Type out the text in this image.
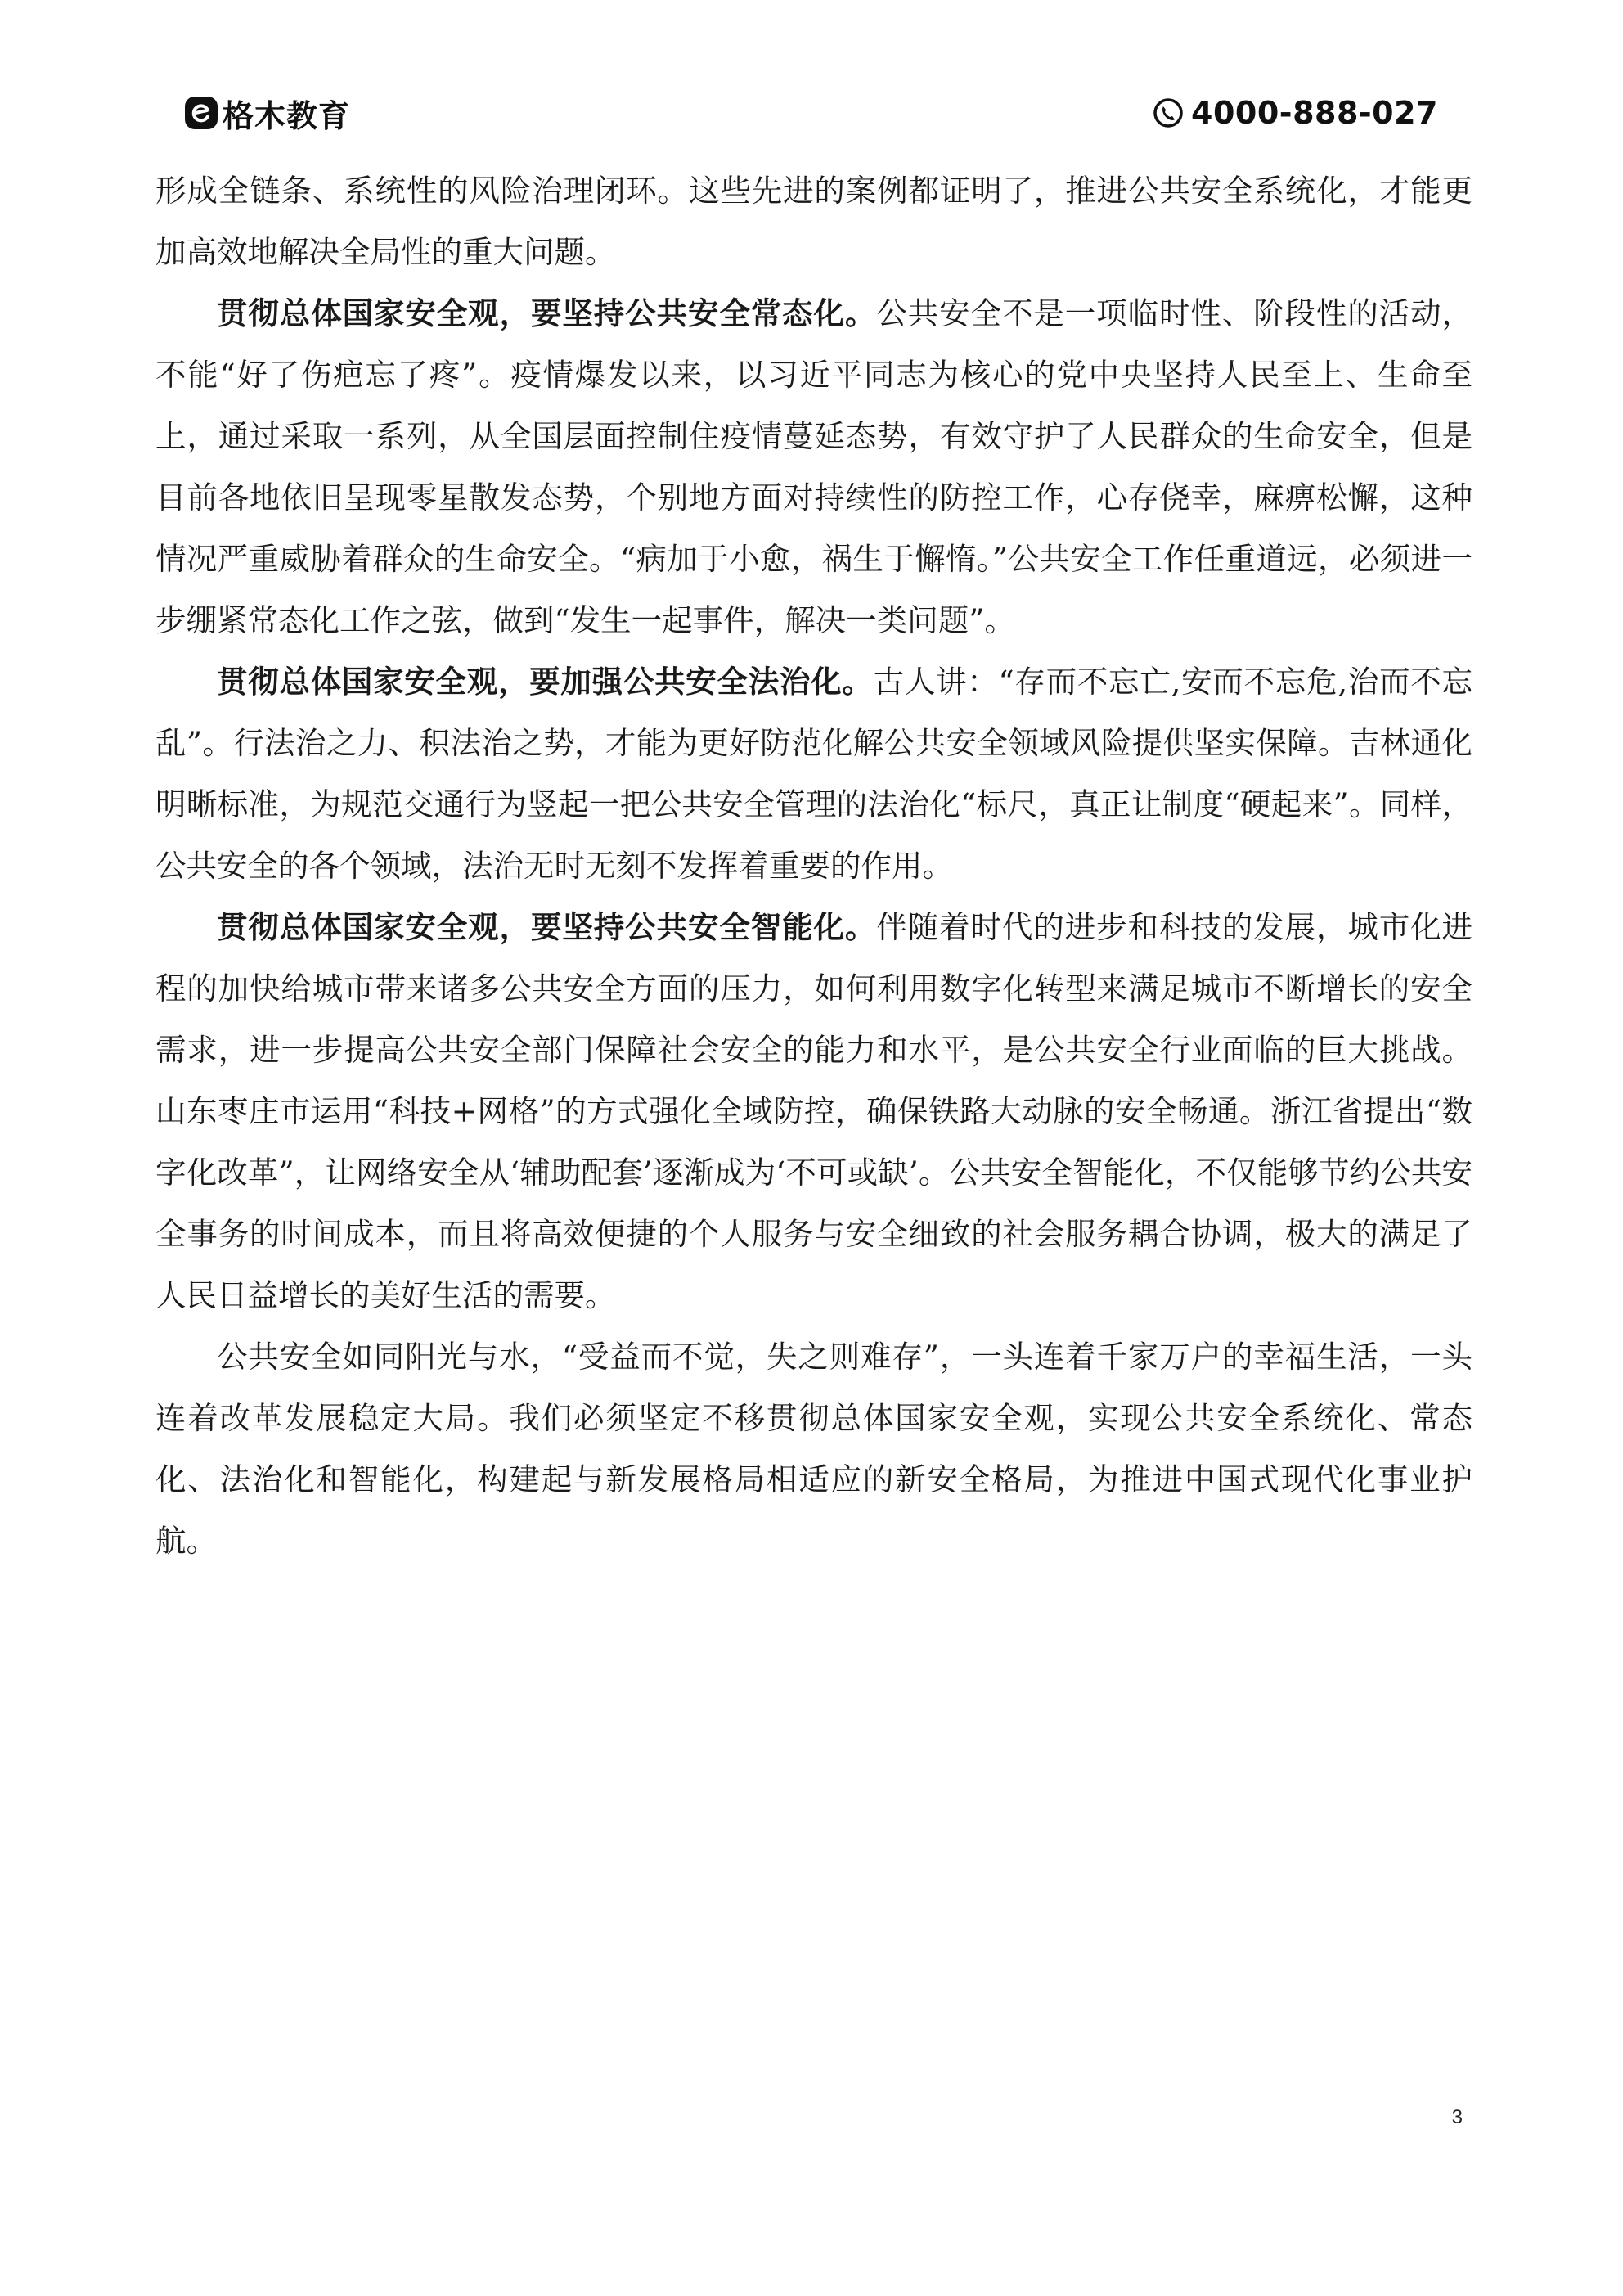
格木教育	4000-888-027

形成全链条、系统性的风险治理闭环。这些先进的案例都证明了，推进公共安全系统化，才能更加高效地解决全局性的重大问题。

贯彻总体国家安全观，要坚持公共安全常态化。公共安全不是一项临时性、阶段性的活动，不能“好了伤疤忘了疼”。疫情爆发以来，以习近平同志为核心的党中央坚持人民至上、生命至上，通过采取一系列，从全国层面控制住疫情蔓延态势，有效守护了人民群众的生命安全，但是目前各地依旧呈现零星散发态势，个别地方面对持续性的防控工作，心存侥幸，麻痹松懈，这种情况严重威胁着群众的生命安全。“病加于小愈，祸生于懈惰。”公共安全工作任重道远，必须进一步绷紧常态化工作之弦，做到“发生一起事件，解决一类问题”。

贯彻总体国家安全观，要加强公共安全法治化。古人讲：“存而不忘亡,安而不忘危,治而不忘乱”。行法治之力、积法治之势，才能为更好防范化解公共安全领域风险提供坚实保障。吉林通化明晰标准，为规范交通行为竖起一把公共安全管理的法治化“标尺，真正让制度“硬起来”。同样，公共安全的各个领域，法治无时无刻不发挥着重要的作用。

贯彻总体国家安全观，要坚持公共安全智能化。伴随着时代的进步和科技的发展，城市化进程的加快给城市带来诸多公共安全方面的压力，如何利用数字化转型来满足城市不断增长的安全需求，进一步提高公共安全部门保障社会安全的能力和水平，是公共安全行业面临的巨大挑战。山东枣庄市运用“科技+网格”的方式强化全域防控，确保铁路大动脉的安全畅通。浙江省提出“数字化改革”，让网络安全从‘辅助配套’逐渐成为‘不可或缺’。公共安全智能化，不仅能够节约公共安全事务的时间成本，而且将高效便捷的个人服务与安全细致的社会服务耦合协调，极大的满足了人民日益增长的美好生活的需要。

公共安全如同阳光与水，“受益而不觉，失之则难存”，一头连着千家万户的幸福生活，一头连着改革发展稳定大局。我们必须坚定不移贯彻总体国家安全观，实现公共安全系统化、常态化、法治化和智能化，构建起与新发展格局相适应的新安全格局，为推进中国式现代化事业护航。

3
